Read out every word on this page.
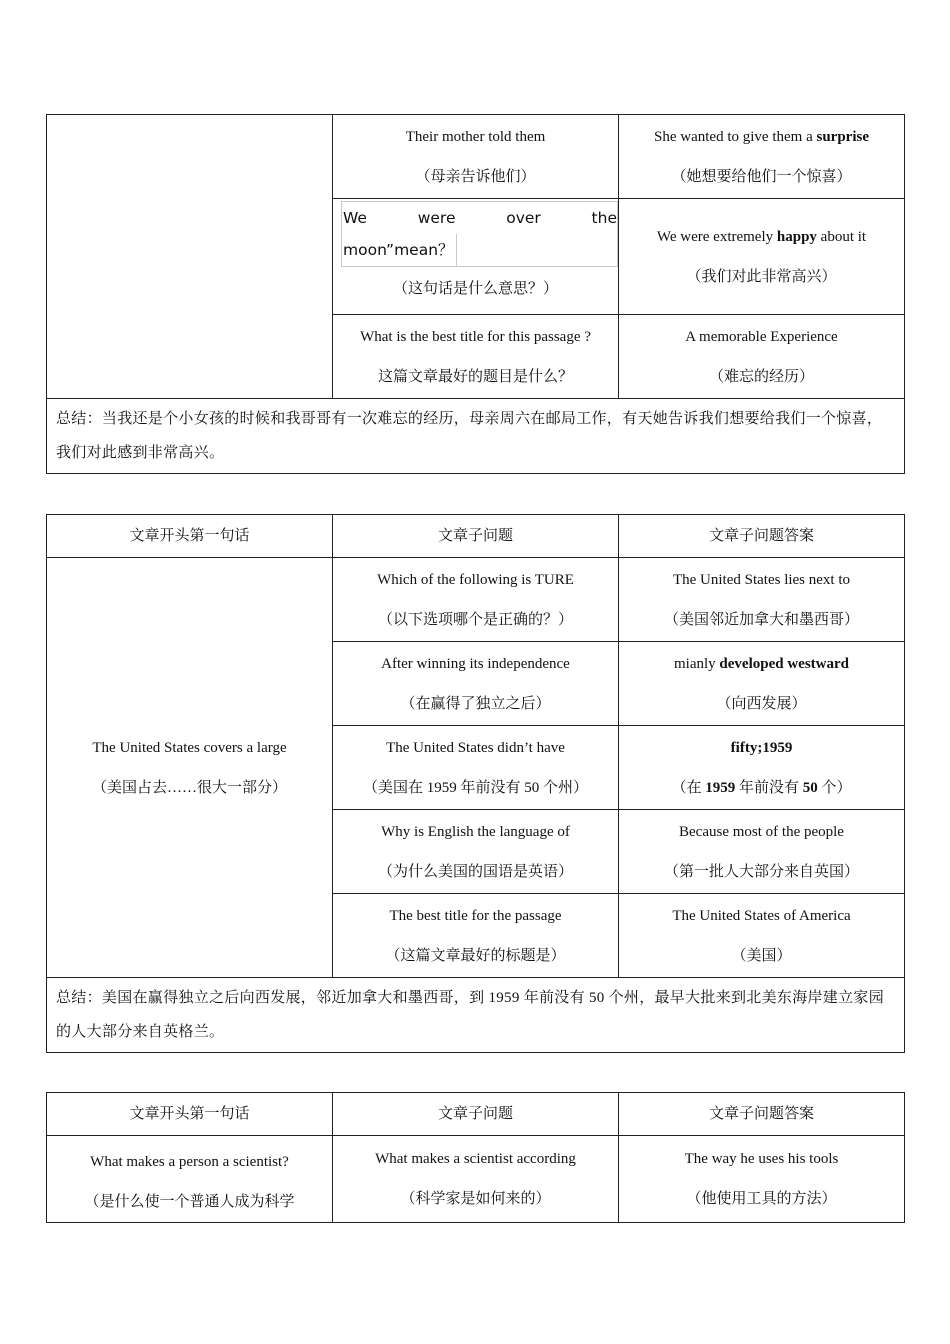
	Their mother told them
（母亲告诉他们）	She wanted to give them a surprise
（她想要给他们一个惊喜）

	We were over the
moon”mean？
（这句话是什么意思？）	We were extremely happy about it
（我们对此非常高兴）

	What is the best title for this passage ?
这篇文章最好的题目是什么？	A memorable Experience
（难忘的经历）

总结：当我还是个小女孩的时候和我哥哥有一次难忘的经历，母亲周六在邮局工作，有天她告诉我们想要给我们一个惊喜，我们对此感到非常高兴。		
文章开头第一句话	文章子问题	文章子问题答案

The United States covers a large
（美国占去……很大一部分）	Which of the following is TURE
（以下选项哪个是正确的？）	The United States lies next to
（美国邻近加拿大和墨西哥）

	After winning its independence
（在赢得了独立之后）	mianly developed westward
（向西发展）

	The United States didn’t have
（美国在 1959 年前没有 50 个州）	fifty;1959
（在 1959 年前没有 50 个）

	Why is English the language of
（为什么美国的国语是英语）	Because most of the people
（第一批人大部分来自英国）

	The best title for the passage
（这篇文章最好的标题是）	The United States of America
（美国）

总结：美国在赢得独立之后向西发展，邻近加拿大和墨西哥，到 1959 年前没有 50 个州，最早大批来到北美东海岸建立家园的人大部分来自英格兰。		
文章开头第一句话	文章子问题	文章子问题答案

What makes a person a scientist?
（是什么使一个普通人成为科学	What makes a scientist according
（科学家是如何来的）	The way he uses his tools
（他使用工具的方法）
